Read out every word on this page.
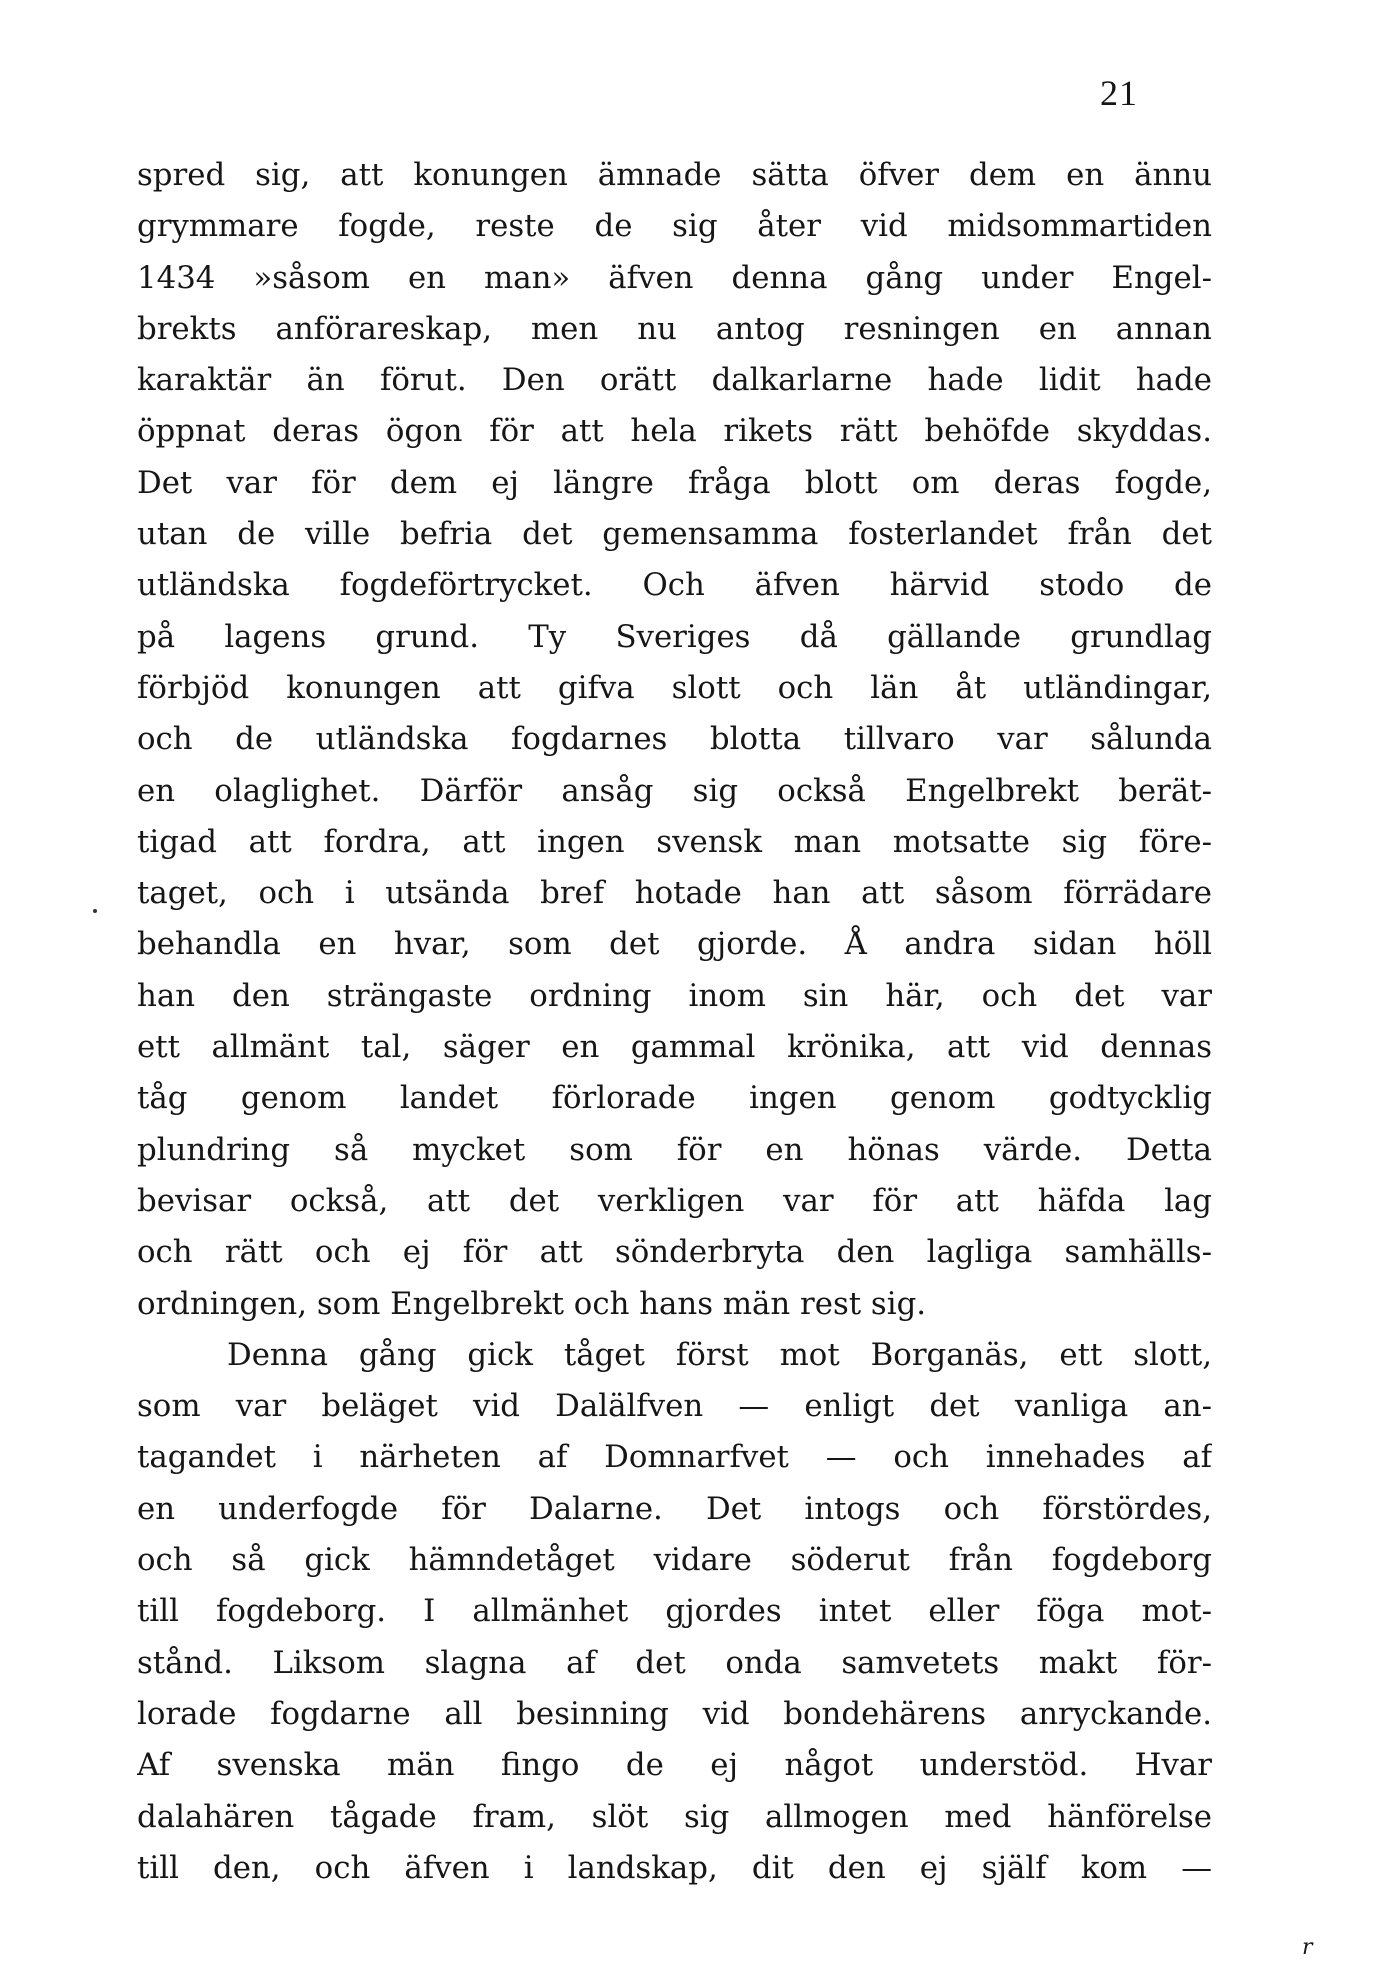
21
spred sig, att konungen ämnade sätta öfver dem en ännu
grymmare fogde, reste de sig åter vid midsommartiden
1434 »såsom en man» äfven denna gång under Engel-
brekts anförareskap, men nu antog resningen en annan
karaktär än förut. Den orätt dalkarlarne hade lidit hade
öppnat deras ögon för att hela rikets rätt behöfde skyddas.
Det var för dem ej längre fråga blott om deras fogde,
utan de ville befria det gemensamma fosterlandet från det
utländska fogdeförtrycket. Och äfven härvid stodo de
på lagens grund. Ty Sveriges då gällande grundlag
förbjöd konungen att gifva slott och län åt utländingar,
och de utländska fogdarnes blotta tillvaro var sålunda
en olaglighet. Därför ansåg sig också Engelbrekt berät-
tigad att fordra, att ingen svensk man motsatte sig före-
taget, och i utsända bref hotade han att såsom förrädare
behandla en hvar, som det gjorde. Å andra sidan höll
han den strängaste ordning inom sin här, och det var
ett allmänt tal, säger en gammal krönika, att vid dennas
tåg genom landet förlorade ingen genom godtycklig
plundring så mycket som för en hönas värde. Detta
bevisar också, att det verkligen var för att häfda lag
och rätt och ej för att sönderbryta den lagliga samhälls-
ordningen, som Engelbrekt och hans män rest sig.
Denna gång gick tåget först mot Borganäs, ett slott,
som var beläget vid Dalälfven — enligt det vanliga an-
tagandet i närheten af Domnarfvet — och innehades af
en underfogde för Dalarne. Det intogs och förstördes,
och så gick hämndetåget vidare söderut från fogdeborg
till fogdeborg. I allmänhet gjordes intet eller föga mot-
stånd. Liksom slagna af det onda samvetets makt för-
lorade fogdarne all besinning vid bondehärens anryckande.
Af svenska män fingo de ej något understöd. Hvar
dalahären tågade fram, slöt sig allmogen med hänförelse
till den, och äfven i landskap, dit den ej själf kom —
r
